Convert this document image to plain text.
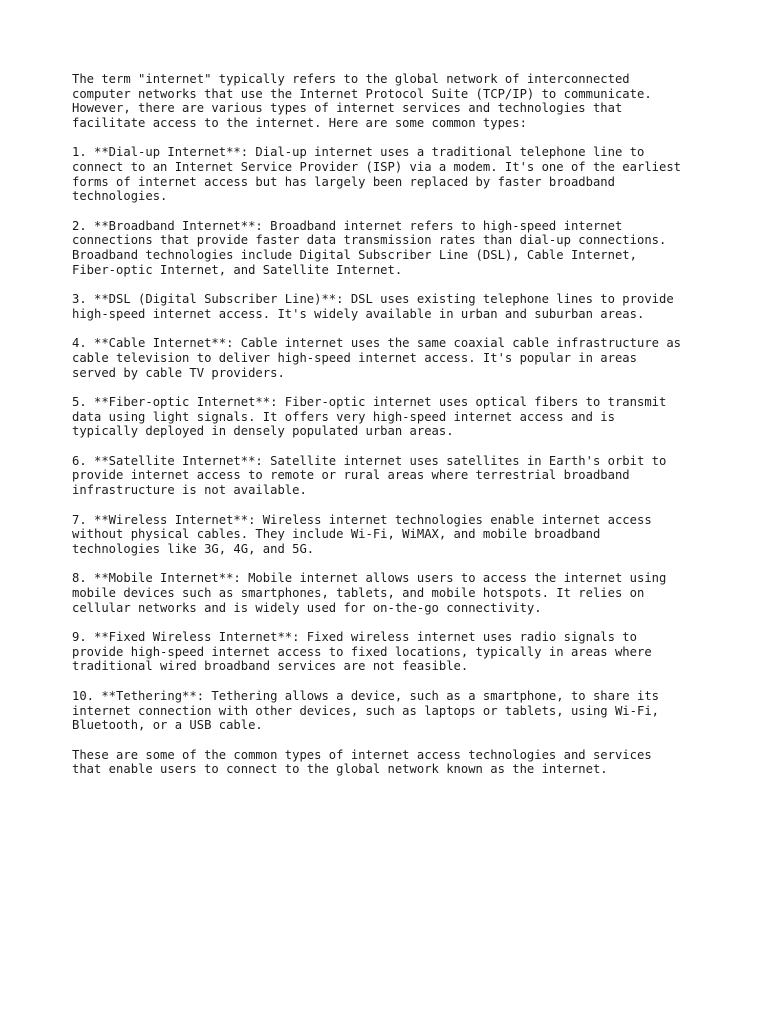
The term "internet" typically refers to the global network of interconnected
computer networks that use the Internet Protocol Suite (TCP/IP) to communicate.
However, there are various types of internet services and technologies that
facilitate access to the internet. Here are some common types:

1. **Dial-up Internet**: Dial-up internet uses a traditional telephone line to
connect to an Internet Service Provider (ISP) via a modem. It's one of the earliest
forms of internet access but has largely been replaced by faster broadband
technologies.

2. **Broadband Internet**: Broadband internet refers to high-speed internet
connections that provide faster data transmission rates than dial-up connections.
Broadband technologies include Digital Subscriber Line (DSL), Cable Internet,
Fiber-optic Internet, and Satellite Internet.

3. **DSL (Digital Subscriber Line)**: DSL uses existing telephone lines to provide
high-speed internet access. It's widely available in urban and suburban areas.

4. **Cable Internet**: Cable internet uses the same coaxial cable infrastructure as
cable television to deliver high-speed internet access. It's popular in areas
served by cable TV providers.

5. **Fiber-optic Internet**: Fiber-optic internet uses optical fibers to transmit
data using light signals. It offers very high-speed internet access and is
typically deployed in densely populated urban areas.

6. **Satellite Internet**: Satellite internet uses satellites in Earth's orbit to
provide internet access to remote or rural areas where terrestrial broadband
infrastructure is not available.

7. **Wireless Internet**: Wireless internet technologies enable internet access
without physical cables. They include Wi-Fi, WiMAX, and mobile broadband
technologies like 3G, 4G, and 5G.

8. **Mobile Internet**: Mobile internet allows users to access the internet using
mobile devices such as smartphones, tablets, and mobile hotspots. It relies on
cellular networks and is widely used for on-the-go connectivity.

9. **Fixed Wireless Internet**: Fixed wireless internet uses radio signals to
provide high-speed internet access to fixed locations, typically in areas where
traditional wired broadband services are not feasible.

10. **Tethering**: Tethering allows a device, such as a smartphone, to share its
internet connection with other devices, such as laptops or tablets, using Wi-Fi,
Bluetooth, or a USB cable.

These are some of the common types of internet access technologies and services
that enable users to connect to the global network known as the internet.
